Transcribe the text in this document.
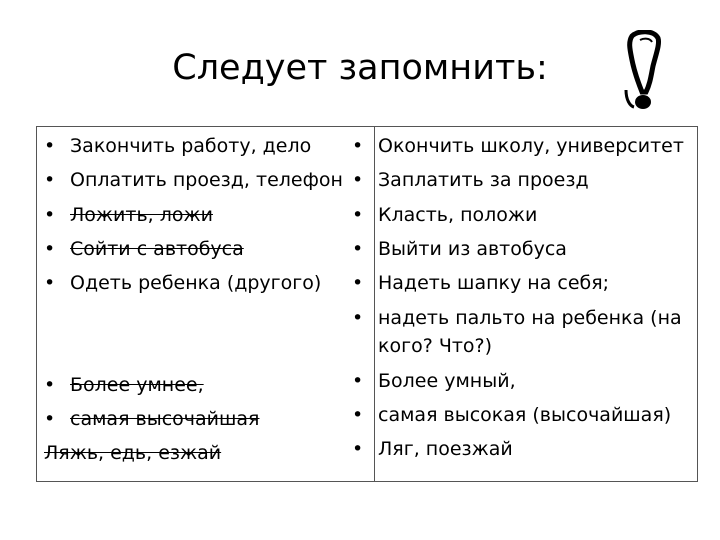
Следует запомнить:
• Закончить работу, дело
• Оплатить проезд, телефон
• Ложить, ложи
• Сойти с автобуса
• Одеть ребенка (другого)
• Более умнее,
• самая высочайшая
Ляжь, едь, езжай
• Окончить школу, университет
• Заплатить за проезд
• Класть, положи
• Выйти из автобуса
• Надеть шапку на себя;
• надеть пальто на ребенка (на
кого? Что?)
• Более умный,
• самая высокая (высочайшая)
• Ляг, поезжай
